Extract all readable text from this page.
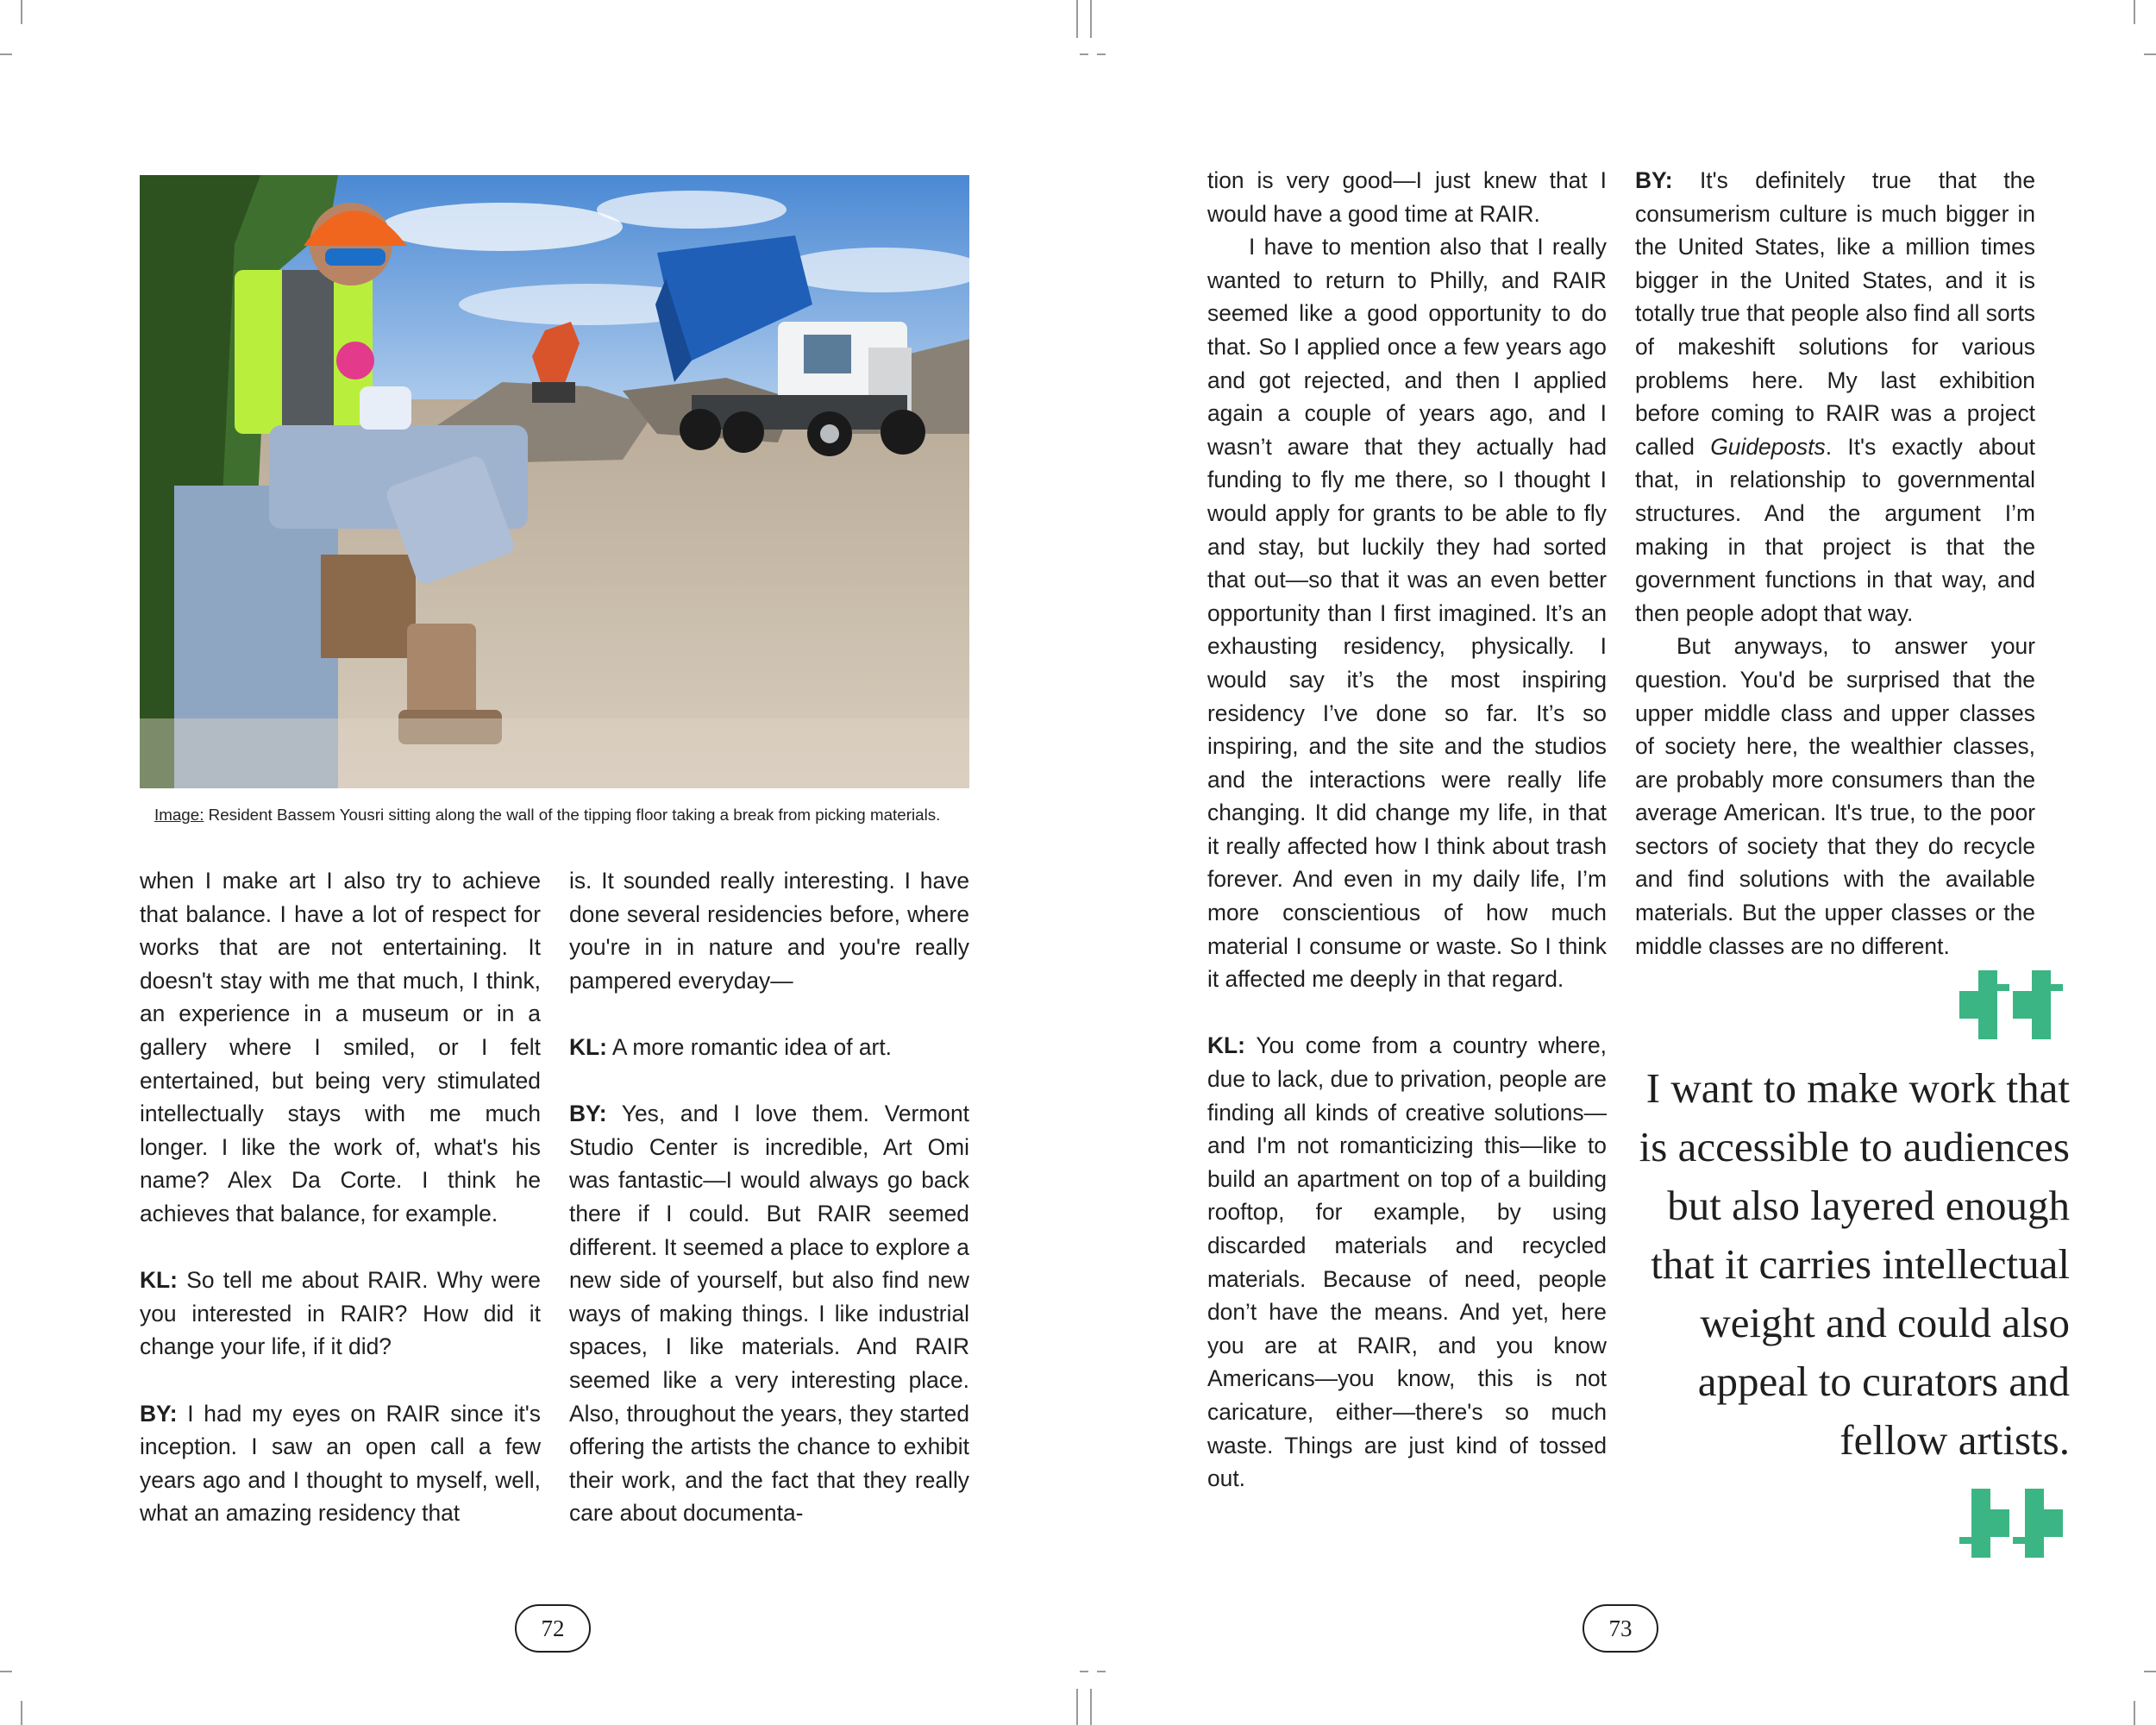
Image: Resident Bassem Yousri sitting along the wall of the tipping floor taking a break from picking materials.
when I make art I also try to achieve that balance. I have a lot of respect for works that are not entertaining. It doesn't stay with me that much, I think, an experience in a museum or in a gallery where I smiled, or I felt entertained, but being very stimulated intellectually stays with me much longer. I like the work of, what's his name? Alex Da Corte. I think he achieves that balance, for example.
KL: So tell me about RAIR. Why were you interested in RAIR? How did it change your life, if it did?
BY: I had my eyes on RAIR since it's inception. I saw an open call a few years ago and I thought to myself, well, what an amazing residency that
is. It sounded really interesting. I have done several residencies before, where you're in in nature and you're really pampered everyday—
KL: A more romantic idea of art.
BY: Yes, and I love them. Vermont Studio Center is incredible, Art Omi was fantastic—I would always go back there if I could. But RAIR seemed different. It seemed a place to explore a new side of yourself, but also find new ways of making things. I like industrial spaces, I like materials. And RAIR seemed like a very interesting place. Also, throughout the years, they started offering the artists the chance to exhibit their work, and the fact that they really care about documenta-
72

tion is very good—I just knew that I would have a good time at RAIR.

I have to mention also that I really wanted to return to Philly, and RAIR seemed like a good opportunity to do that. So I applied once a few years ago and got rejected, and then I applied again a couple of years ago, and I wasn’t aware that they actually had funding to fly me there, so I thought I would apply for grants to be able to fly and stay, but luckily they had sorted that out—so that it was an even better opportunity than I first imagined. It’s an exhausting residency, physically. I would say it’s the most inspiring residency I’ve done so far. It’s so inspiring, and the site and the studios and the interactions were really life changing. It did change my life, in that it really affected how I think about trash forever. And even in my daily life, I’m more conscientious of how much material I consume or waste. So I think it affected me deeply in that regard.

KL: You come from a country where, due to lack, due to privation, people are finding all kinds of creative solutions—and I'm not romanticizing this—like to build an apartment on top of a building rooftop, for example, by using discarded materials and recycled materials. Because of need, people don’t have the means. And yet, here you are at RAIR, and you know Americans—you know, this is not caricature, either—there's so much waste. Things are just kind of tossed out.

BY: It's definitely true that the consumerism culture is much bigger in the United States, like a million times bigger in the United States, and it is totally true that people also find all sorts of makeshift solutions for various problems here. My last exhibition before coming to RAIR was a project called Guideposts. It's exactly about that, in relationship to governmental structures. And the argument I’m making in that project is that the government functions in that way, and then people adopt that way.

But anyways, to answer your question. You'd be surprised that the upper middle class and upper classes of society here, the wealthier classes, are probably more consumers than the average American. It's true, to the poor sectors of society that they do recycle and find solutions with the available materials. But the upper classes or the middle classes are no different.

I want to make work that
is accessible to audiences
but also layered enough
that it carries intellectual
weight and could also
appeal to curators and
fellow artists.
73
